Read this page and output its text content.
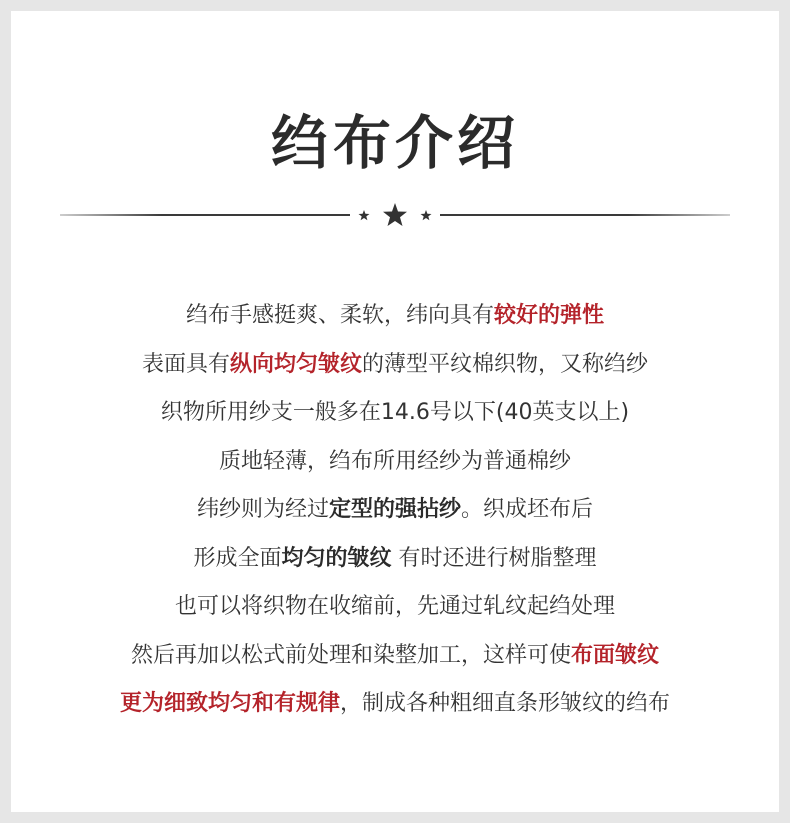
绉布介绍
绉布手感挺爽、柔软，纬向具有较好的弹性
表面具有纵向均匀皱纹的薄型平纹棉织物，又称绉纱
织物所用纱支一般多在14.6号以下(40英支以上)
质地轻薄，绉布所用经纱为普通棉纱
纬纱则为经过定型的强拈纱。织成坯布后
形成全面均匀的皱纹 有时还进行树脂整理
也可以将织物在收缩前，先通过轧纹起绉处理
然后再加以松式前处理和染整加工，这样可使布面皱纹
更为细致均匀和有规律，制成各种粗细直条形皱纹的绉布
